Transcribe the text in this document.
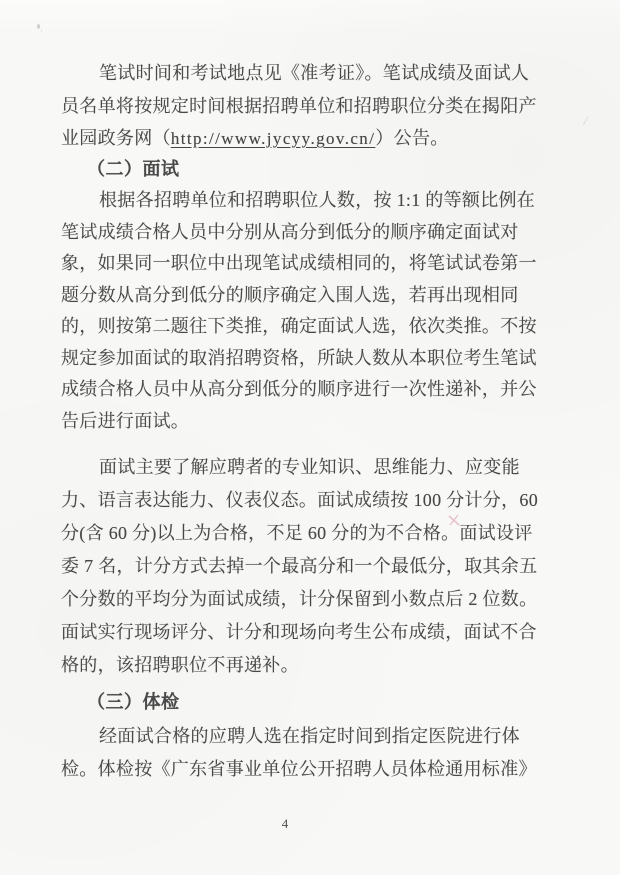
笔试时间和考试地点见《准考证》。笔试成绩及面试人
员名单将按规定时间根据招聘单位和招聘职位分类在揭阳产
业园政务网（http://www.jycyy.gov.cn/）公告。
（二）面试
根据各招聘单位和招聘职位人数，按 1:1 的等额比例在
笔试成绩合格人员中分别从高分到低分的顺序确定面试对
象，如果同一职位中出现笔试成绩相同的，将笔试试卷第一
题分数从高分到低分的顺序确定入围人选，若再出现相同
的，则按第二题往下类推，确定面试人选，依次类推。不按
规定参加面试的取消招聘资格，所缺人数从本职位考生笔试
成绩合格人员中从高分到低分的顺序进行一次性递补，并公
告后进行面试。
面试主要了解应聘者的专业知识、思维能力、应变能
力、语言表达能力、仪表仪态。面试成绩按 100 分计分，60
分(含 60 分)以上为合格，不足 60 分的为不合格。面试设评
委 7 名，计分方式去掉一个最高分和一个最低分，取其余五
个分数的平均分为面试成绩，计分保留到小数点后 2 位数。
面试实行现场评分、计分和现场向考生公布成绩，面试不合
格的，该招聘职位不再递补。
（三）体检
经面试合格的应聘人选在指定时间到指定医院进行体
检。体检按《广东省事业单位公开招聘人员体检通用标准》
4
